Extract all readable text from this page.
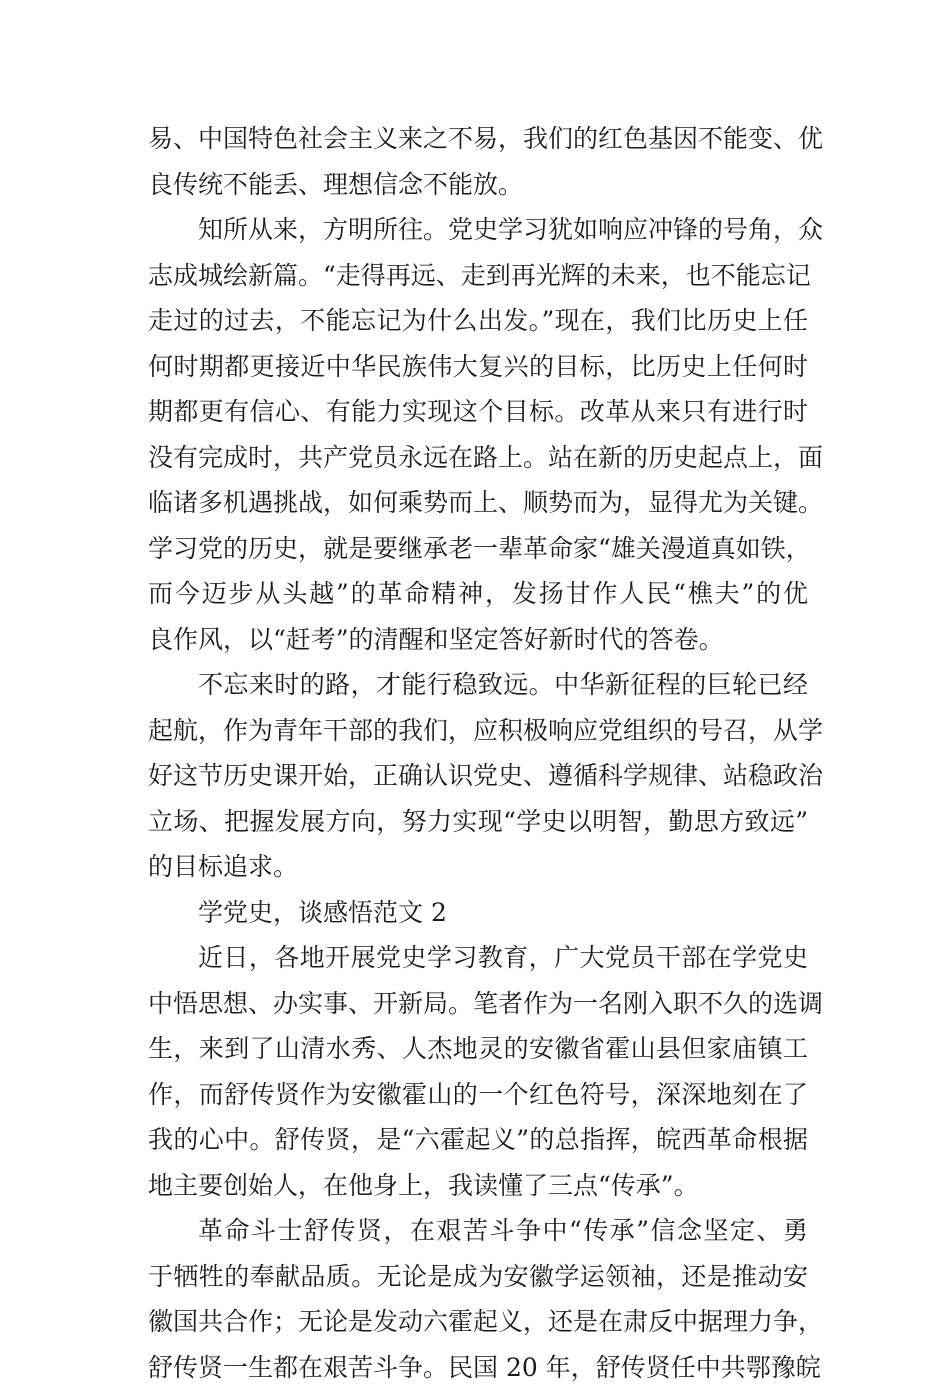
易、中国特色社会主义来之不易，我们的红色基因不能变、优
良传统不能丢、理想信念不能放。
知所从来，方明所往。党史学习犹如响应冲锋的号角，众
志成城绘新篇。“走得再远、走到再光辉的未来，也不能忘记
走过的过去，不能忘记为什么出发。”现在，我们比历史上任
何时期都更接近中华民族伟大复兴的目标，比历史上任何时
期都更有信心、有能力实现这个目标。改革从来只有进行时
没有完成时，共产党员永远在路上。站在新的历史起点上，面
临诸多机遇挑战，如何乘势而上、顺势而为，显得尤为关键。
学习党的历史，就是要继承老一辈革命家“雄关漫道真如铁，
而今迈步从头越”的革命精神，发扬甘作人民“樵夫”的优
良作风，以“赶考”的清醒和坚定答好新时代的答卷。
不忘来时的路，才能行稳致远。中华新征程的巨轮已经
起航，作为青年干部的我们，应积极响应党组织的号召，从学
好这节历史课开始，正确认识党史、遵循科学规律、站稳政治
立场、把握发展方向，努力实现“学史以明智，勤思方致远”
的目标追求。
学党史，谈感悟范文 2
近日，各地开展党史学习教育，广大党员干部在学党史
中悟思想、办实事、开新局。笔者作为一名刚入职不久的选调
生，来到了山清水秀、人杰地灵的安徽省霍山县但家庙镇工
作，而舒传贤作为安徽霍山的一个红色符号，深深地刻在了
我的心中。舒传贤，是“六霍起义”的总指挥，皖西革命根据
地主要创始人，在他身上，我读懂了三点“传承”。
革命斗士舒传贤，在艰苦斗争中“传承”信念坚定、勇
于牺牲的奉献品质。无论是成为安徽学运领袖，还是推动安
徽国共合作；无论是发动六霍起义，还是在肃反中据理力争，
舒传贤一生都在艰苦斗争。民国 20 年，舒传贤任中共鄂豫皖
